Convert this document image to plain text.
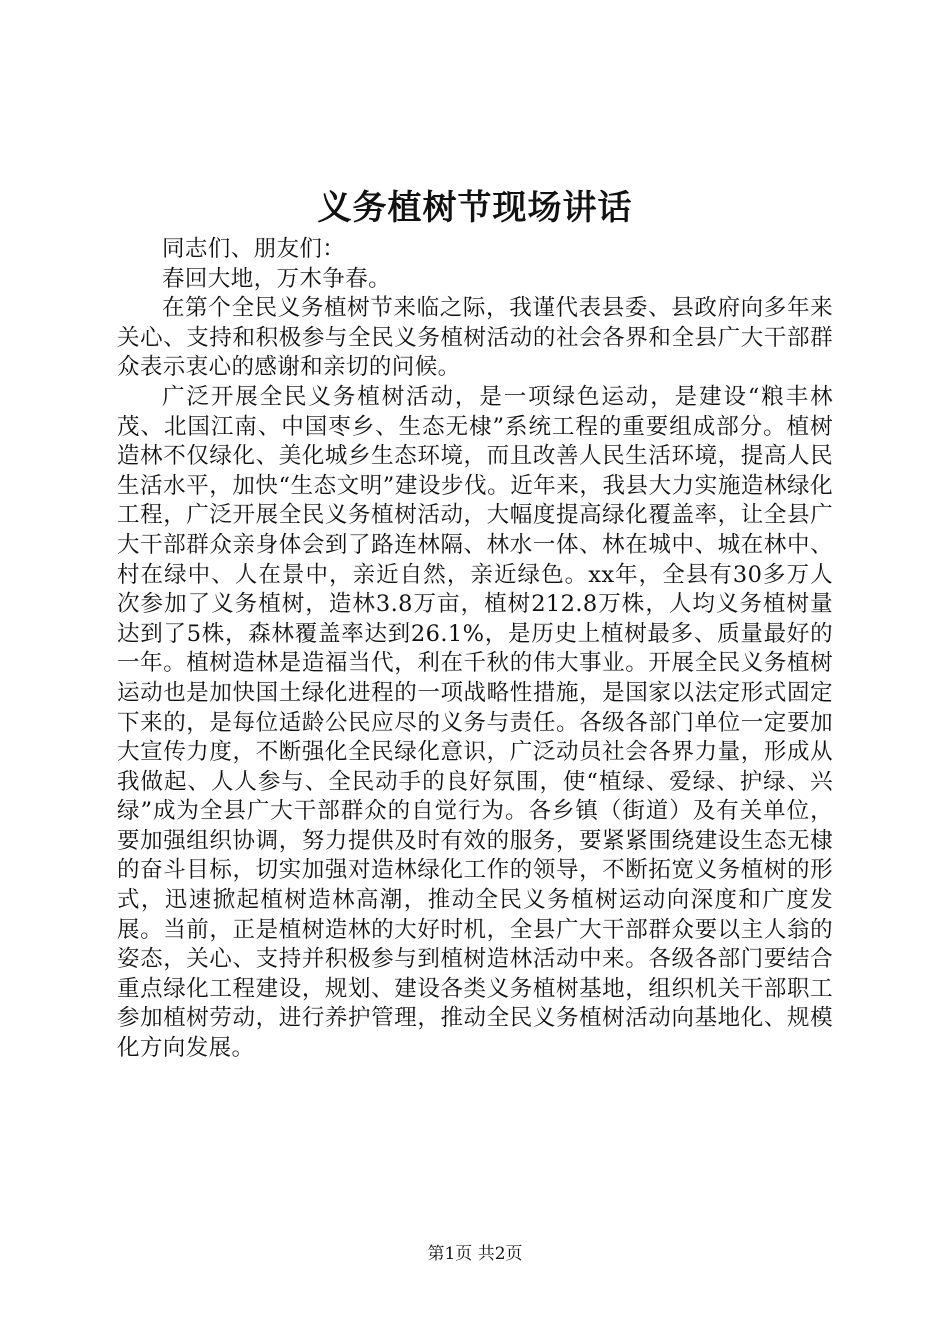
义务植树节现场讲话

同志们、朋友们：

春回大地，万木争春。

在第个全民义务植树节来临之际，我谨代表县委、县政府向多年来关心、支持和积极参与全民义务植树活动的社会各界和全县广大干部群众表示衷心的感谢和亲切的问候。

广泛开展全民义务植树活动，是一项绿色运动，是建设“粮丰林茂、北国江南、中国枣乡、生态无棣”系统工程的重要组成部分。植树造林不仅绿化、美化城乡生态环境，而且改善人民生活环境，提高人民生活水平，加快“生态文明”建设步伐。近年来，我县大力实施造林绿化工程，广泛开展全民义务植树活动，大幅度提高绿化覆盖率，让全县广大干部群众亲身体会到了路连林隔、林水一体、林在城中、城在林中、村在绿中、人在景中，亲近自然，亲近绿色。xx年，全县有30多万人次参加了义务植树，造林3.8万亩，植树212.8万株，人均义务植树量达到了5株，森林覆盖率达到26.1%，是历史上植树最多、质量最好的一年。植树造林是造福当代，利在千秋的伟大事业。开展全民义务植树运动也是加快国土绿化进程的一项战略性措施，是国家以法定形式固定下来的，是每位适龄公民应尽的义务与责任。各级各部门单位一定要加大宣传力度，不断强化全民绿化意识，广泛动员社会各界力量，形成从我做起、人人参与、全民动手的良好氛围，使“植绿、爱绿、护绿、兴绿”成为全县广大干部群众的自觉行为。各乡镇（街道）及有关单位，要加强组织协调，努力提供及时有效的服务，要紧紧围绕建设生态无棣的奋斗目标，切实加强对造林绿化工作的领导，不断拓宽义务植树的形式，迅速掀起植树造林高潮，推动全民义务植树运动向深度和广度发展。当前，正是植树造林的大好时机，全县广大干部群众要以主人翁的姿态，关心、支持并积极参与到植树造林活动中来。各级各部门要结合重点绿化工程建设，规划、建设各类义务植树基地，组织机关干部职工参加植树劳动，进行养护管理，推动全民义务植树活动向基地化、规模化方向发展。

第1页 共2页
